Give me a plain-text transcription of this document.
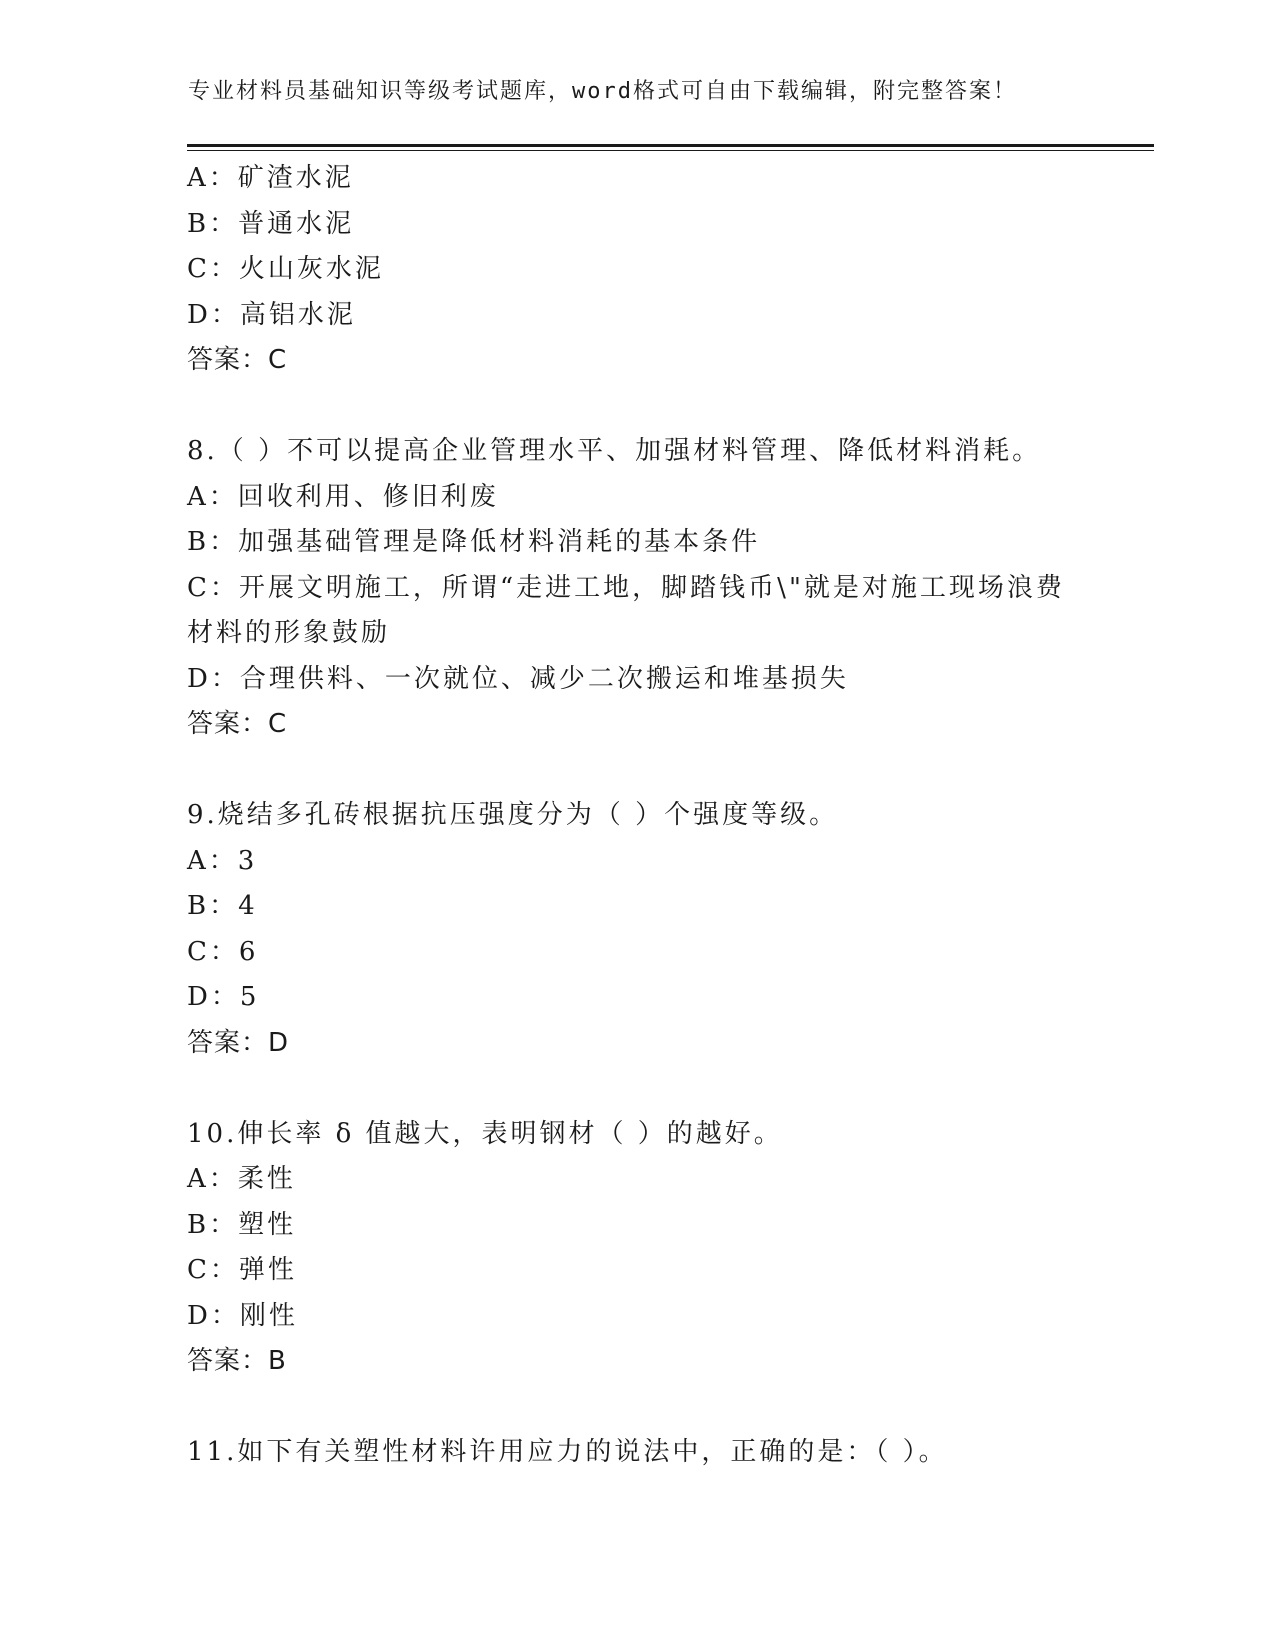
专业材料员基础知识等级考试题库，word格式可自由下载编辑，附完整答案！
A：矿渣水泥
B：普通水泥
C：火山灰水泥
D：高铝水泥
答案：C
8.（ ）不可以提高企业管理水平、加强材料管理、降低材料消耗。
A：回收利用、修旧利废
B：加强基础管理是降低材料消耗的基本条件
C：开展文明施工，所谓“走进工地，脚踏钱币\"就是对施工现场浪费
材料的形象鼓励
D：合理供料、一次就位、减少二次搬运和堆基损失
答案：C
9.烧结多孔砖根据抗压强度分为（ ）个强度等级。
A：3
B：4
C：6
D：5
答案：D
10.伸长率 δ 值越大，表明钢材（ ）的越好。
A：柔性
B：塑性
C：弹性
D：刚性
答案：B
11.如下有关塑性材料许用应力的说法中，正确的是：（ ）。
